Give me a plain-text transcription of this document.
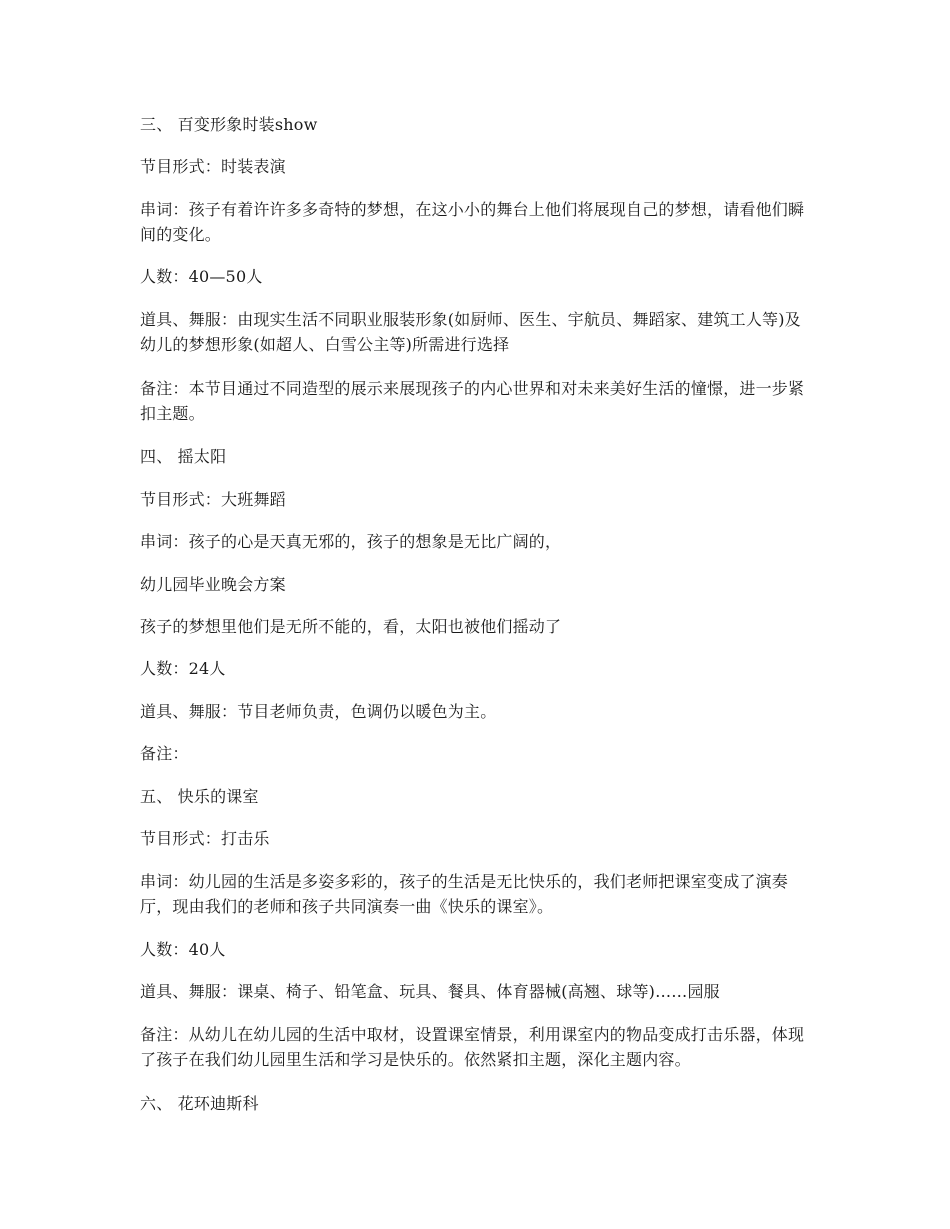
三、 百变形象时装show

节目形式：时装表演

串词：孩子有着许许多多奇特的梦想，在这小小的舞台上他们将展现自己的梦想，请看他们瞬间的变化。

人数：40—50人

道具、舞服：由现实生活不同职业服装形象(如厨师、医生、宇航员、舞蹈家、建筑工人等)及幼儿的梦想形象(如超人、白雪公主等)所需进行选择

备注：本节目通过不同造型的展示来展现孩子的内心世界和对未来美好生活的憧憬，进一步紧扣主题。

四、 摇太阳

节目形式：大班舞蹈

串词：孩子的心是天真无邪的，孩子的想象是无比广阔的，

幼儿园毕业晚会方案

孩子的梦想里他们是无所不能的，看，太阳也被他们摇动了

人数：24人

道具、舞服：节目老师负责，色调仍以暖色为主。

备注：

五、 快乐的课室

节目形式：打击乐

串词：幼儿园的生活是多姿多彩的，孩子的生活是无比快乐的，我们老师把课室变成了演奏厅，现由我们的老师和孩子共同演奏一曲《快乐的课室》。

人数：40人

道具、舞服：课桌、椅子、铅笔盒、玩具、餐具、体育器械(高翘、球等)……园服

备注：从幼儿在幼儿园的生活中取材，设置课室情景，利用课室内的物品变成打击乐器，体现了孩子在我们幼儿园里生活和学习是快乐的。依然紧扣主题，深化主题内容。

六、 花环迪斯科
